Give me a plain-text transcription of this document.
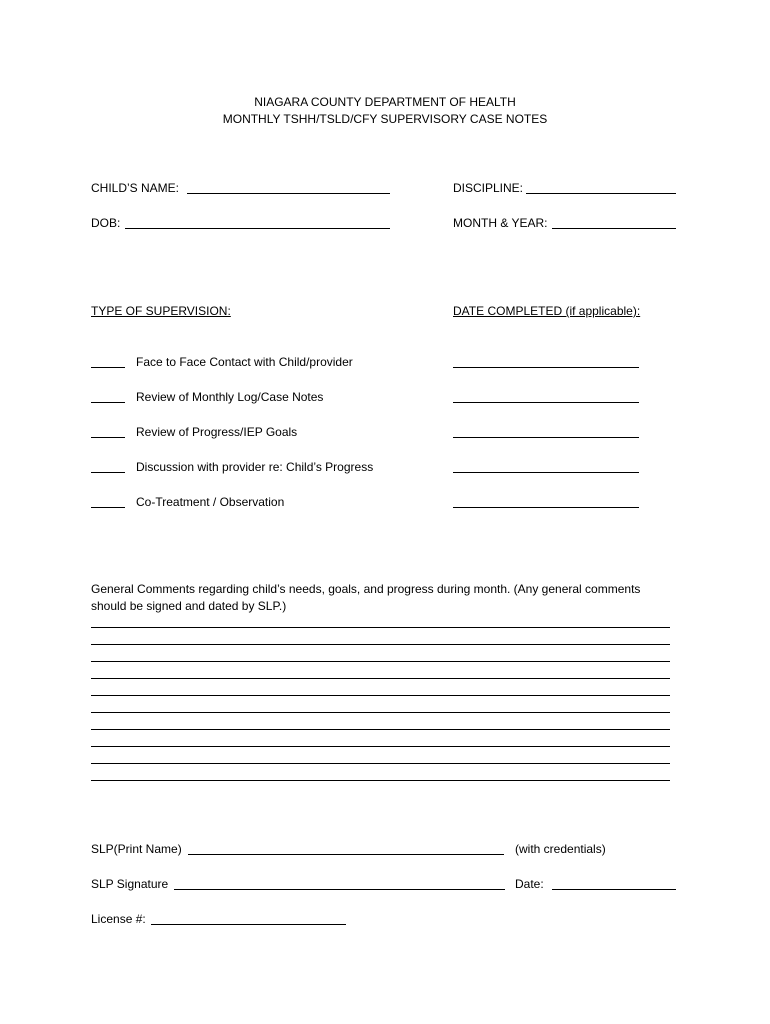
NIAGARA COUNTY DEPARTMENT OF HEALTH
MONTHLY TSHH/TSLD/CFY SUPERVISORY CASE NOTES
CHILD’S NAME:	DISCIPLINE:
DOB:	MONTH & YEAR:
TYPE OF SUPERVISION:	DATE COMPLETED (if applicable):
Face to Face Contact with Child/provider
Review of Monthly Log/Case Notes
Review of Progress/IEP Goals
Discussion with provider re: Child’s Progress
Co-Treatment / Observation
General Comments regarding child’s needs, goals, and progress during month. (Any general comments should be signed and dated by SLP.)
SLP(Print Name)	(with credentials)
SLP Signature	Date:
License #:
